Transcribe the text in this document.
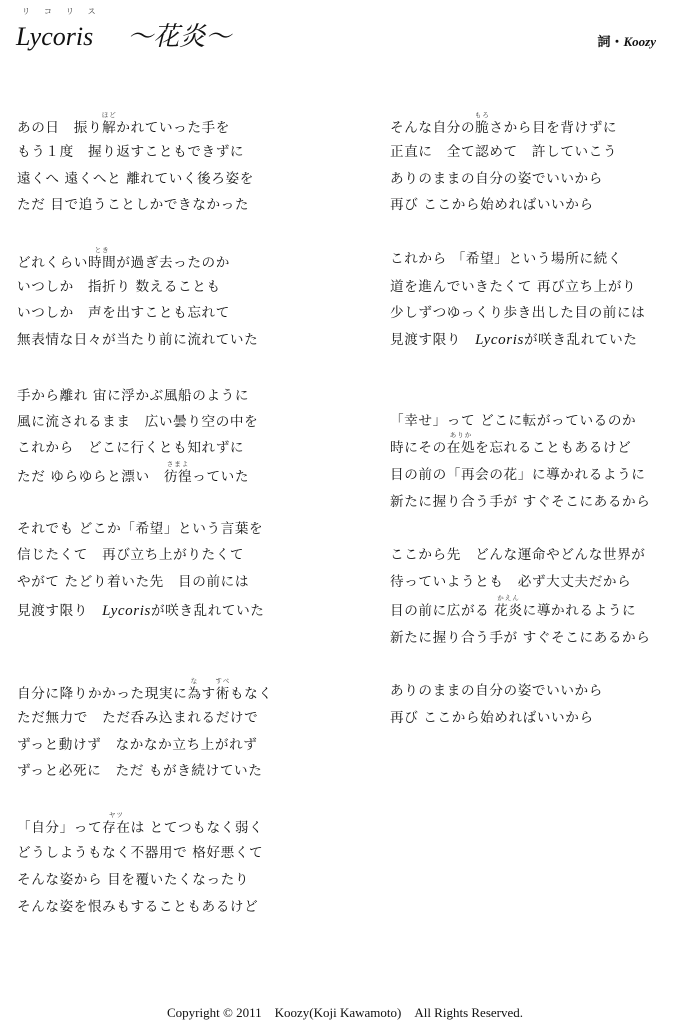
リコリス
Lycoris 〜花炎〜	詞・Koozy
あの日　振り解
ほど
かれていった手を
もう１度　握り返すこともできずに
遠くへ 遠くへと 離れていく後ろ姿を
ただ 目で追うことしかできなかった
どれくらい時間
とき
が過ぎ去ったのか
いつしか　指折り 数えることも
いつしか　声を出すことも忘れて
無表情な日々が当たり前に流れていた
手から離れ 宙に浮かぶ風船のように
風に流されるまま　広い曇り空の中を
これから　どこに行くとも知れずに
ただ ゆらゆらと漂い　彷徨
さまよ
っていた
それでも どこか「希望」という言葉を
信じたくて　再び立ち上がりたくて
やがて たどり着いた先　目の前には
見渡す限り　Lycorisが咲き乱れていた
自分に降りかかった現実に為
な
す術
すべ
もなく
ただ無力で　ただ呑み込まれるだけで
ずっと動けず　なかなか立ち上がれず
ずっと必死に　ただ もがき続けていた
「自分」って存在
ヤツ
は とてつもなく弱く
どうしようもなく不器用で 格好悪くて
そんな姿から 目を覆いたくなったり
そんな姿を恨みもすることもあるけど
そんな自分の脆
もろ
さから目を背けずに
正直に　全て認めて　許していこう
ありのままの自分の姿でいいから
再び ここから始めればいいから
これから 「希望」という場所に続く
道を進んでいきたくて 再び立ち上がり
少しずつゆっくり歩き出した目の前には
見渡す限り　Lycorisが咲き乱れていた
「幸せ」って どこに転がっているのか
時にその在処
ありか
を忘れることもあるけど
目の前の「再会の花」に導かれるように
新たに握り合う手が すぐそこにあるから
ここから先　どんな運命やどんな世界が
待っていようとも　必ず大丈夫だから
目の前に広がる 花炎
かえん
に導かれるように
新たに握り合う手が すぐそこにあるから
ありのままの自分の姿でいいから
再び ここから始めればいいから
Copyright © 2011　Koozy(Koji Kawamoto)　All Rights Reserved.
